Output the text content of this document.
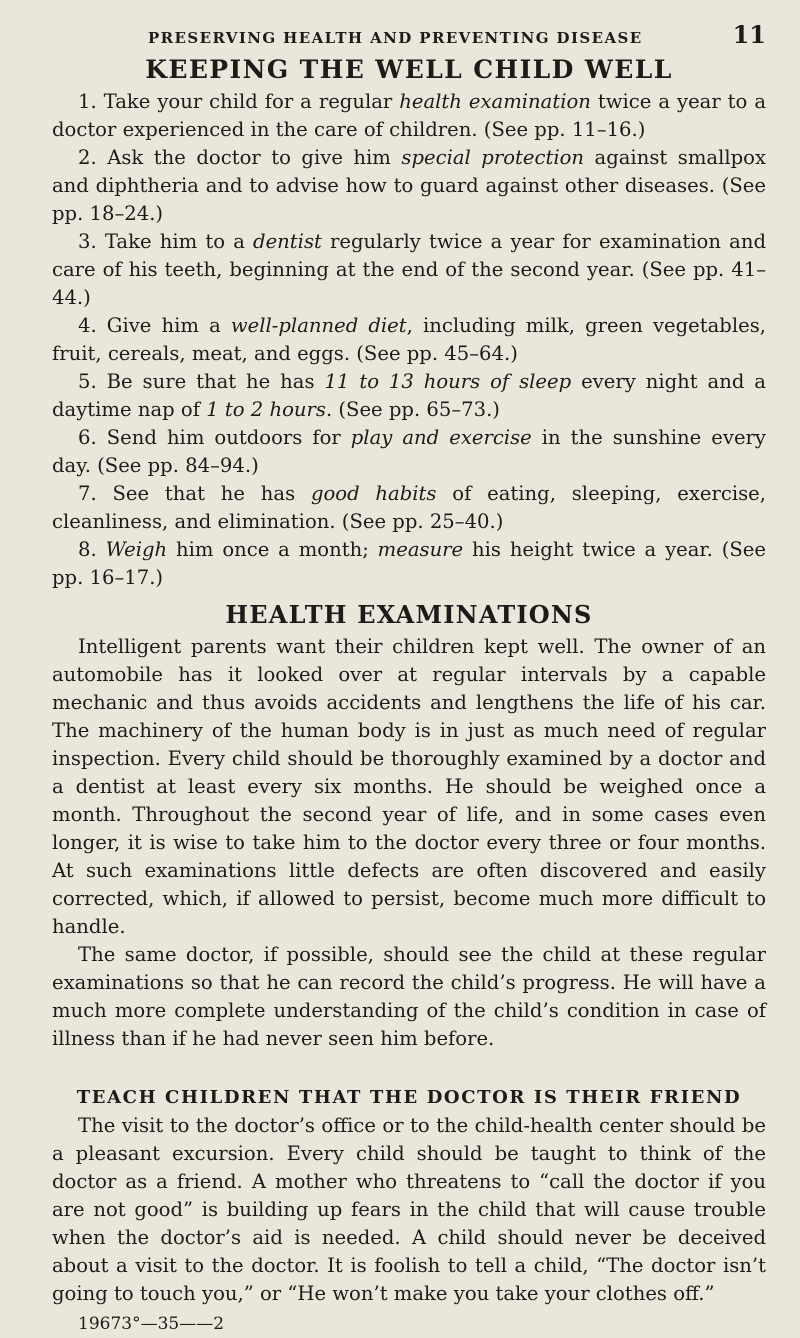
PRESERVING HEALTH AND PREVENTING DISEASE	11
KEEPING THE WELL CHILD WELL

1. Take your child for a regular health examination twice a year to a doctor experienced in the care of children. (See pp. 11–16.)

2. Ask the doctor to give him special protection against smallpox and diphtheria and to advise how to guard against other diseases. (See pp. 18–24.)

3. Take him to a dentist regularly twice a year for examination and care of his teeth, beginning at the end of the second year. (See pp. 41–44.)

4. Give him a well-planned diet, including milk, green vegetables, fruit, cereals, meat, and eggs. (See pp. 45–64.)

5. Be sure that he has 11 to 13 hours of sleep every night and a daytime nap of 1 to 2 hours. (See pp. 65–73.)

6. Send him outdoors for play and exercise in the sunshine every day. (See pp. 84–94.)

7. See that he has good habits of eating, sleeping, exercise, cleanliness, and elimination. (See pp. 25–40.)

8. Weigh him once a month; measure his height twice a year. (See pp. 16–17.)

HEALTH EXAMINATIONS

Intelligent parents want their children kept well. The owner of an automobile has it looked over at regular intervals by a capable mechanic and thus avoids accidents and lengthens the life of his car. The machinery of the human body is in just as much need of regular inspection. Every child should be thoroughly examined by a doctor and a dentist at least every six months. He should be weighed once a month. Throughout the second year of life, and in some cases even longer, it is wise to take him to the doctor every three or four months. At such examinations little defects are often discovered and easily corrected, which, if allowed to persist, become much more difficult to handle.

The same doctor, if possible, should see the child at these regular examinations so that he can record the child’s progress. He will have a much more complete understanding of the child’s condition in case of illness than if he had never seen him before.

TEACH CHILDREN THAT THE DOCTOR IS THEIR FRIEND

The visit to the doctor’s office or to the child-health center should be a pleasant excursion. Every child should be taught to think of the doctor as a friend. A mother who threatens to “call the doctor if you are not good” is building up fears in the child that will cause trouble when the doctor’s aid is needed. A child should never be deceived about a visit to the doctor. It is foolish to tell a child, “The doctor isn’t going to touch you,” or “He won’t make you take your clothes off.”

19673°—35——2
